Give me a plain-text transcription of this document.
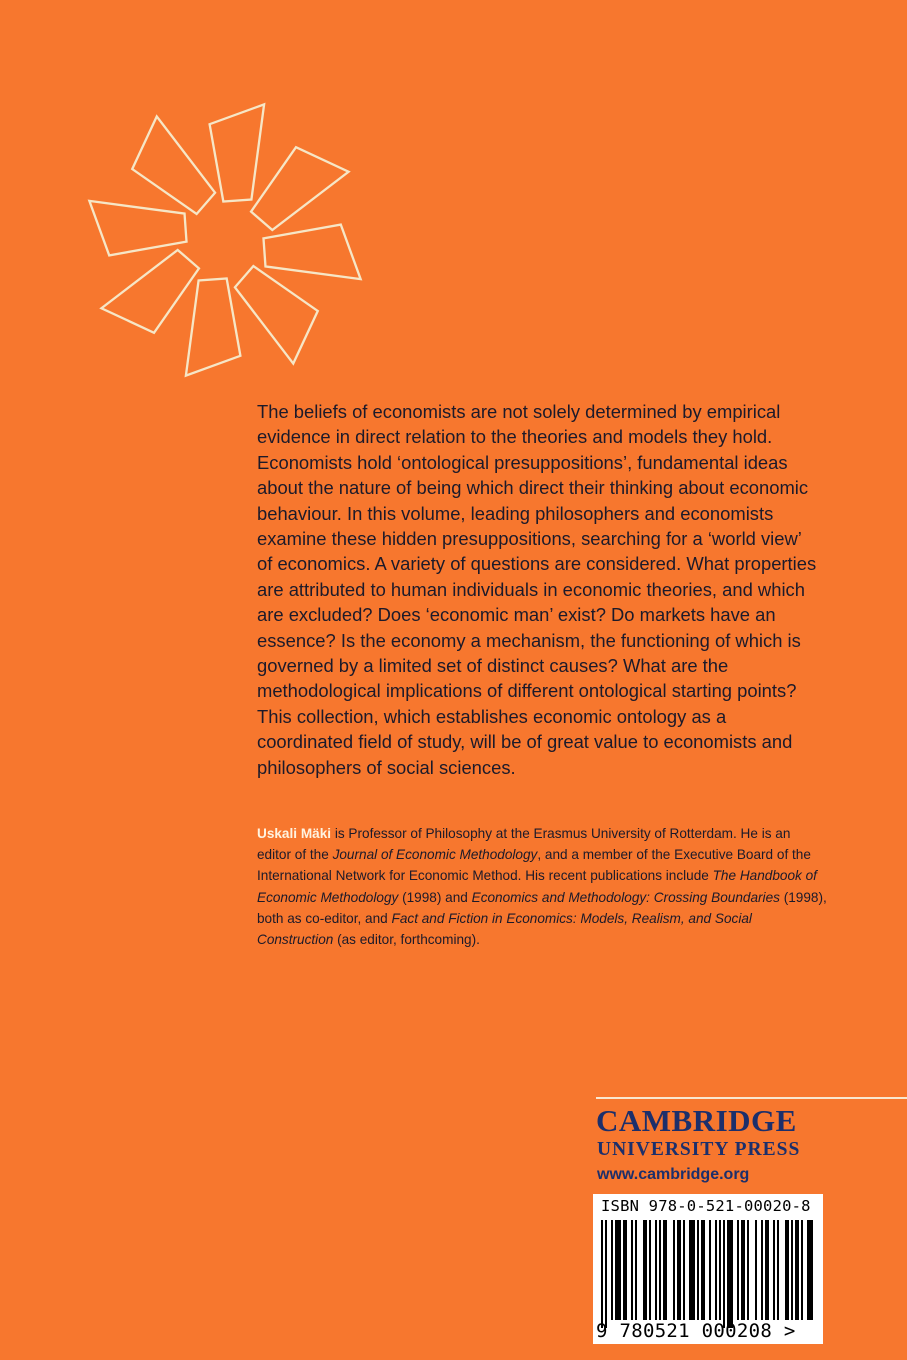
The beliefs of economists are not solely determined by empirical evidence in direct relation to the theories and models they hold. Economists hold ‘ontological presuppositions’, fundamental ideas about the nature of being which direct their thinking about economic behaviour. In this volume, leading philosophers and economists examine these hidden presuppositions, searching for a ‘world view’ of economics. A variety of questions are considered. What properties are attributed to human individuals in economic theories, and which are excluded? Does ‘economic man’ exist? Do markets have an essence? Is the economy a mechanism, the functioning of which is governed by a limited set of distinct causes? What are the methodological implications of different ontological starting points? This collection, which establishes economic ontology as a coordinated field of study, will be of great value to economists and philosophers of social sciences.

Uskali Mäki is Professor of Philosophy at the Erasmus University of Rotterdam. He is an editor of the Journal of Economic Methodology, and a member of the Executive Board of the International Network for Economic Method. His recent publications include The Handbook of Economic Methodology (1998) and Economics and Methodology: Crossing Boundaries (1998), both as co-editor, and Fact and Fiction in Economics: Models, Realism, and Social Construction (as editor, forthcoming).

CAMBRIDGE
UNIVERSITY PRESS
www.cambridge.org
ISBN 978-0-521-00020-8
9 780521 000208 >
